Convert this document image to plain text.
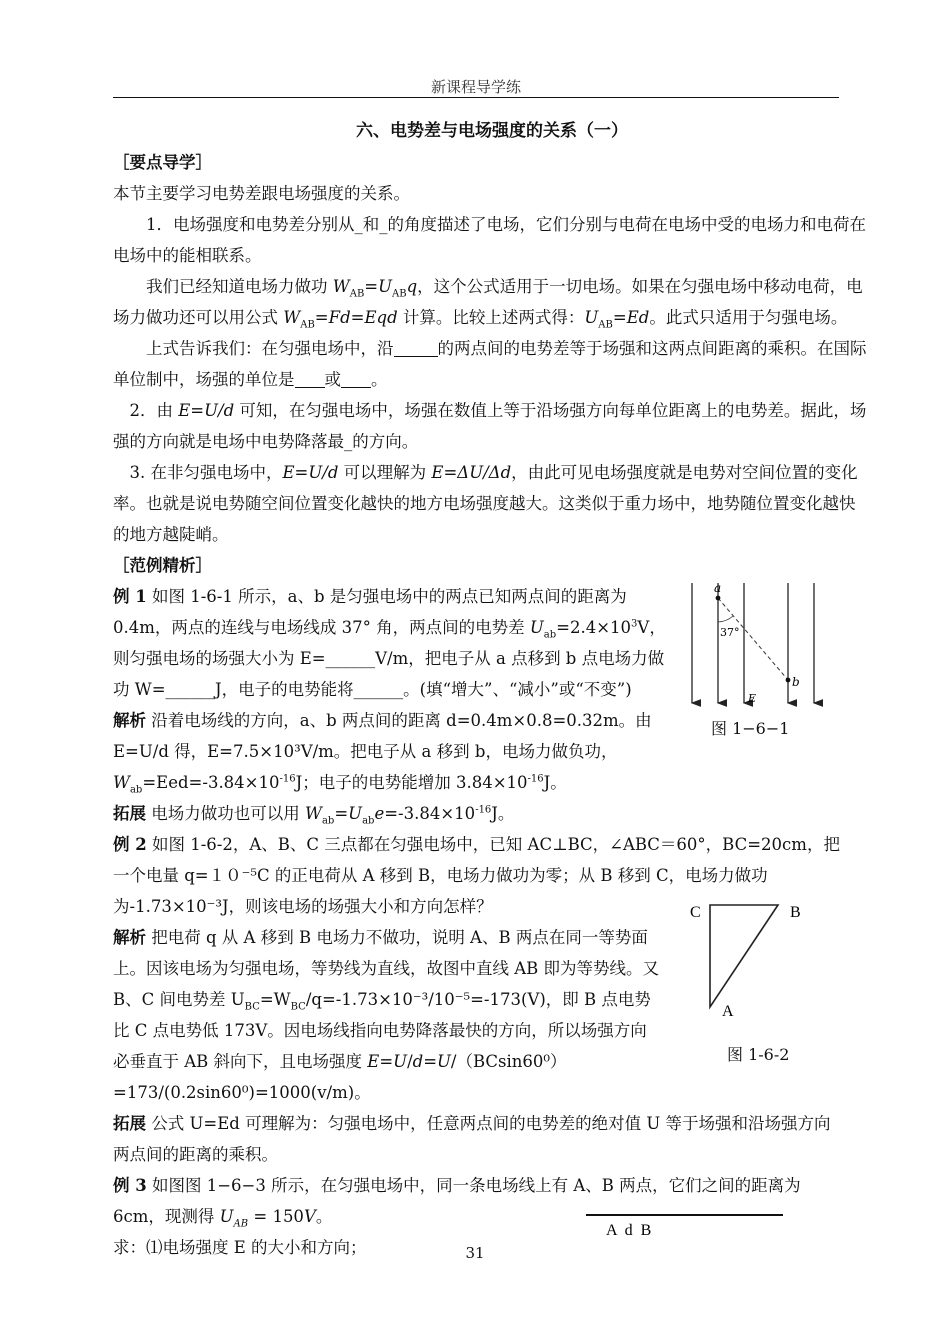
新课程导学练

六、电势差与电场强度的关系（一）

［要点导学］

本节主要学习电势差跟电场强度的关系。

1．电场强度和电势差分别从_和_的角度描述了电场，它们分别与电荷在电场中受的电场力和电荷在电场中的能相联系。

我们已经知道电场力做功 $W_{AB}=U_{AB}q$，这个公式适用于一切电场。如果在匀强电场中移动电荷，电场力做功还可以用公式 $W_{AB}=Fd=Eqd$ 计算。比较上述两式得：$U_{AB}=Ed$。此式只适用于匀强电场。

上式告诉我们：在匀强电场中，沿	的两点间的电势差等于场强和这两点间距离的乘积。在国际单位制中，场强的单位是 或 。

2．由 E=U/d 可知，在匀强电场中，场强在数值上等于沿场强方向每单位距离上的电势差。据此，场强的方向就是电场中电势降落最_的方向。

3. 在非匀强电场中，E=U/d 可以理解为 E=ΔU/Δd，由此可见电场强度就是电势对空间位置的变化率。也就是说电势随空间位置变化越快的地方电场强度越大。这类似于重力场中，地势随位置变化越快的地方越陡峭。

［范例精析］

例 1 如图 1-6-1 所示，a、b 是匀强电场中的两点已知两点间的距离为 0.4m，两点的连线与电场线成 37° 角，两点间的电势差 $U_{ab}=2.4\times 10^3V$，则匀强电场的场强大小为 E=______V/m，把电子从 a 点移到 b 点电场力做功 W=______J，电子的电势能将______。(填“增大”、“减小”或“不变”)

解析 沿着电场线的方向，a、b 两点间的距离 d=0.4m×0.8=0.32m。由 E=U/d 得，E=7.5×10³V/m。把电子从 a 移到 b，电场力做负功，$W_{ab}=Eed=-3.84\times 10^{-16}J$；电子的电势能增加 $3.84\times 10^{-16}J$。

拓展 电场力做功也可以用 $W_{ab}=U_{ab}e=-3.84\times 10^{-16}J$。

例 2 如图 1-6-2，A、B、C 三点都在匀强电场中，已知 AC⊥BC，∠ABC＝60°，BC=20cm，把一个电量 q=１０⁻⁵C 的正电荷从 A 移到 B，电场力做功为零；从 B 移到 C，电场力做功为-1.73×10⁻³J，则该电场的场强大小和方向怎样？

解析 把电荷 q 从 A 移到 B 电场力不做功，说明 A、B 两点在同一等势面上。因该电场为匀强电场，等势线为直线，故图中直线 AB 即为等势线。又 B、C 间电势差 $U_{BC}=W_{BC}/q=-1.73\times 10^{-3}/10^{-5}=-173(V)$，即 B 点电势比 C 点电势低 173V。因电场线指向电势降落最快的方向，所以场强方向必垂直于 AB 斜向下，且电场强度 E=U/d=U/（BCsin60⁰）=173/(0.2sin60⁰)=1000(v/m)。

拓展 公式 U=Ed 可理解为：匀强电场中，任意两点间的电势差的绝对值 U 等于场强和沿场强方向两点间的距离的乘积。

例 3 如图图 1−6−3 所示，在匀强电场中，同一条电场线上有 A、B 两点，它们之间的距离为 6cm，现测得 $U_{AB} = 150V$。

求：⑴电场强度 E 的大小和方向；

a
b
37°
E
图 1−6−1
C	B
A
图 1-6-2
A d B
31
